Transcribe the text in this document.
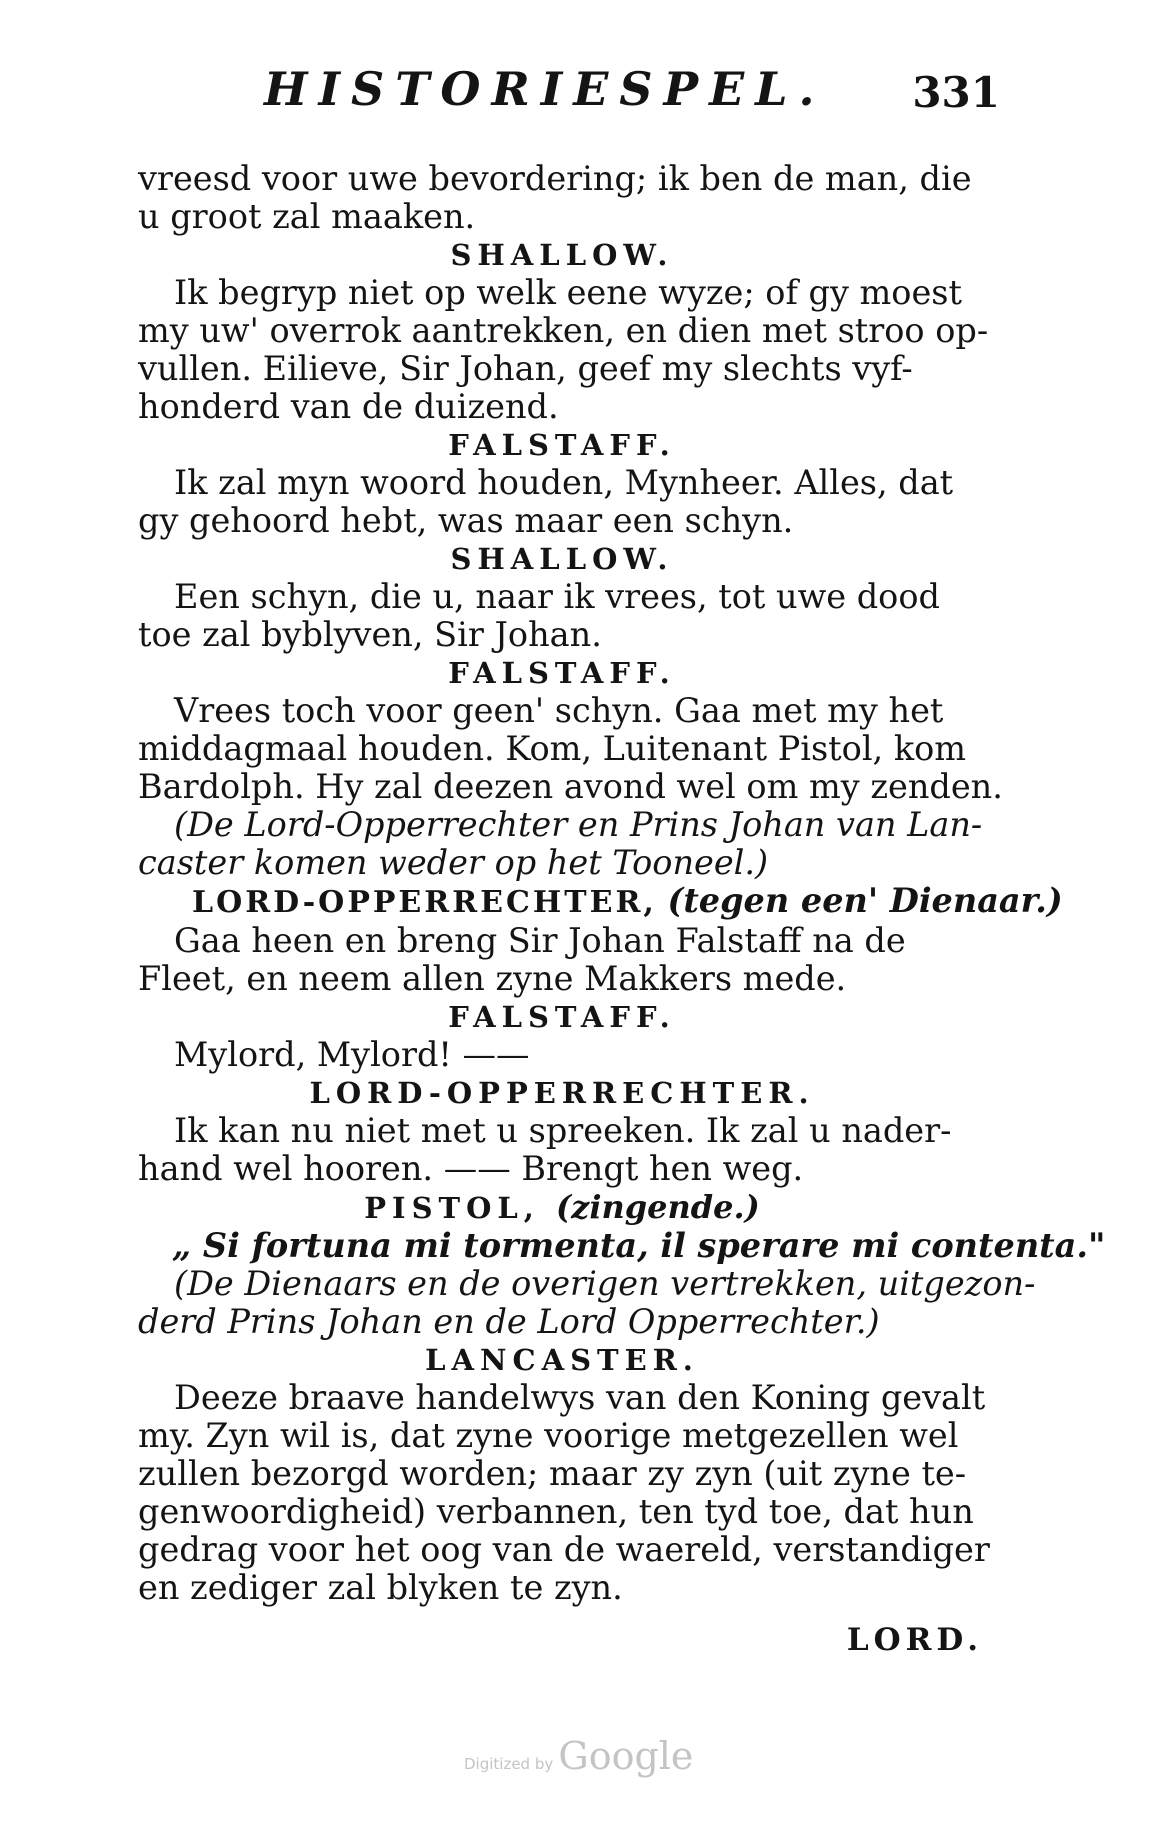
HISTORIESPEL. 331
vreesd voor uwe bevordering; ik ben de man, die
u groot zal maaken.
SHALLOW.
Ik begryp niet op welk eene wyze; of gy moest
my uw' overrok aantrekken, en dien met stroo op-
vullen. Eilieve, Sir Johan, geef my slechts vyf-
honderd van de duizend.
FALSTAFF.
Ik zal myn woord houden, Mynheer. Alles, dat
gy gehoord hebt, was maar een schyn.
SHALLOW.
Een schyn, die u, naar ik vrees, tot uwe dood
toe zal byblyven, Sir Johan.
FALSTAFF.
Vrees toch voor geen' schyn. Gaa met my het
middagmaal houden. Kom, Luitenant Pistol, kom
Bardolph. Hy zal deezen avond wel om my zenden.
(De Lord-Opperrechter en Prins Johan van Lan-
caster komen weder op het Tooneel.)
LORD-OPPERRECHTER, (tegen een' Dienaar.)
Gaa heen en breng Sir Johan Falstaff na de
Fleet, en neem allen zyne Makkers mede.
FALSTAFF.
Mylord, Mylord! ——
LORD-OPPERRECHTER.
Ik kan nu niet met u spreeken. Ik zal u nader-
hand wel hooren. —— Brengt hen weg.
PISTOL, (zingende.)
„ Si fortuna mi tormenta, il sperare mi contenta."
(De Dienaars en de overigen vertrekken, uitgezon-
derd Prins Johan en de Lord Opperrechter.)
LANCASTER.
Deeze braave handelwys van den Koning gevalt
my. Zyn wil is, dat zyne voorige metgezellen wel
zullen bezorgd worden; maar zy zyn (uit zyne te-
genwoordigheid) verbannen, ten tyd toe, dat hun
gedrag voor het oog van de waereld, verstandiger
en zediger zal blyken te zyn.
LORD.
Digitized by Google
